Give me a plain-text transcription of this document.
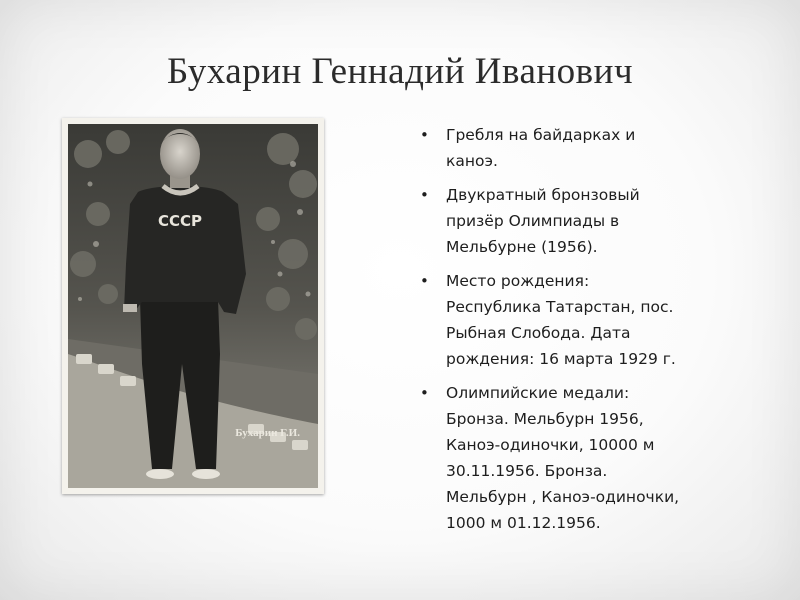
Бухарин Геннадий Иванович
СССР
Бухарин Г.И.
• Гребля на байдарках и
каноэ.
• Двукратный бронзовый
призёр Олимпиады в
Мельбурне (1956).
• Место рождения:
Республика Татарстан, пос.
Рыбная Слобода. Дата
рождения: 16 марта 1929 г.
• Олимпийские медали:
Бронза. Мельбурн 1956,
Каноэ-одиночки, 10000 м
30.11.1956. Бронза.
Мельбурн , Каноэ-одиночки,
1000 м 01.12.1956.
